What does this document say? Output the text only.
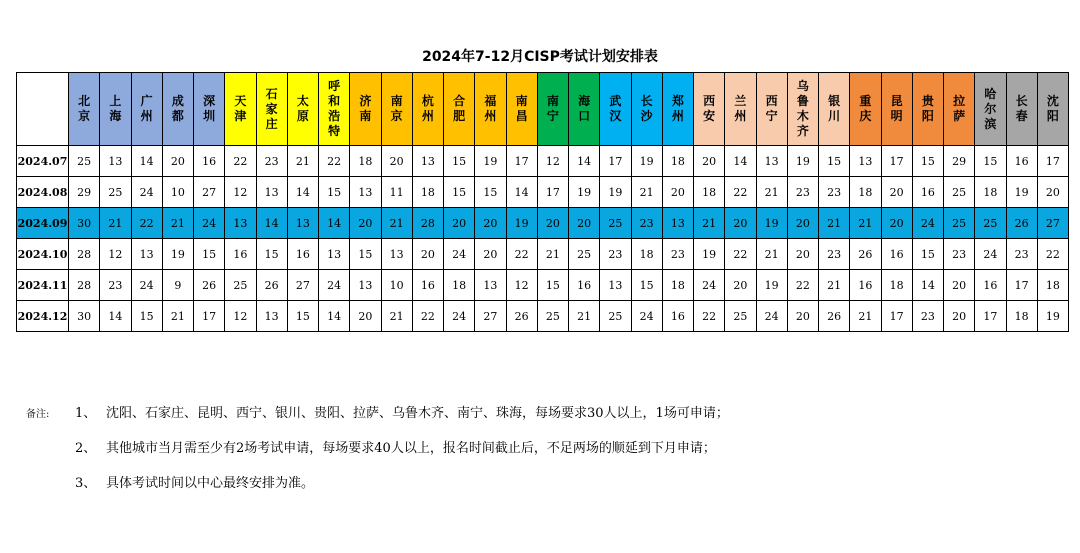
2024年7-12月CISP考试计划安排表
	北京	上海	广州	成都	深圳	天津	石家庄	太原	呼和浩特	济南	南京	杭州	合肥	福州	南昌	南宁	海口	武汉	长沙	郑州	西安	兰州	西宁	乌鲁木齐	银川	重庆	昆明	贵阳	拉萨	哈尔滨	长春	沈阳
2024.07	25	13	14	20	16	22	23	21	22	18	20	13	15	19	17	12	14	17	19	18	20	14	13	19	15	13	17	15	29	15	16	17
2024.08	29	25	24	10	27	12	13	14	15	13	11	18	15	15	14	17	19	19	21	20	18	22	21	23	23	18	20	16	25	18	19	20
2024.09	30	21	22	21	24	13	14	13	14	20	21	28	20	20	19	20	20	25	23	13	21	20	19	20	21	21	20	24	25	25	26	27
2024.10	28	12	13	19	15	16	15	16	13	15	13	20	24	20	22	21	25	23	18	23	19	22	21	20	23	26	16	15	23	24	23	22
2024.11	28	23	24	9	26	25	26	27	24	13	10	16	18	13	12	15	16	13	15	18	24	20	19	22	21	16	18	14	20	16	17	18
2024.12	30	14	15	21	17	12	13	15	14	20	21	22	24	27	26	25	21	25	24	16	22	25	24	20	26	21	17	23	20	17	18	19
备注: 1、 沈阳、石家庄、昆明、西宁、银川、贵阳、拉萨、乌鲁木齐、南宁、珠海，每场要求30人以上，1场可申请；
2、 其他城市当月需至少有2场考试申请，每场要求40人以上，报名时间截止后，不足两场的顺延到下月申请；
3、 具体考试时间以中心最终安排为准。
